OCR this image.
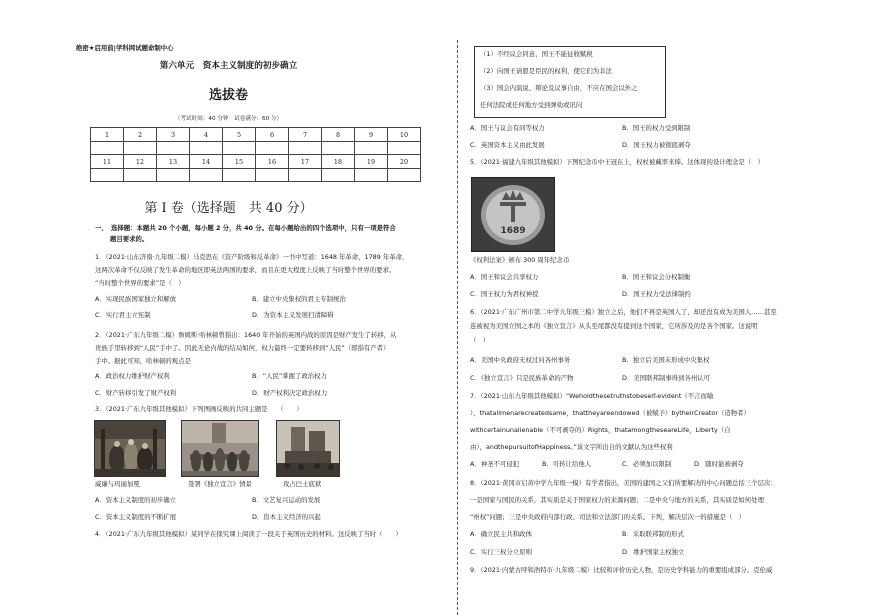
绝密★启用前|学科网试题命制中心
第六单元　资本主义制度的初步确立
选拔卷
（考试时间：40 分钟　试卷满分：60 分）
1	2	3	4	5	6	7	8	9	10

11	12	13	14	15	16	17	18	19	20

第 I 卷（选择题　共 40 分）
一、　选择题：本题共 20 个小题，每小题 2 分，共 40 分。在每小题给出的四个选项中，只有一项是符合
题目要求的。
1．（2021·山东济南·九年级二模）马克思在《资产阶级和反革命》一书中写道：1648 年革命，1789 年革命，
这两次革命不仅反映了发生革命的地区即英法两国的要求，而且在更大程度上反映了当时整个世界的要求。
“当时整个世界的要求”是（　）
A．实现民族国家独立和解放	B．建立中央集权的君主专制统治
C．实行君主立宪制	D．为资本主义发展扫清障碍
2．（2021·广东九年级二模）詹姆斯·哈林顿曾指出：1640 年开始的英国内战的原因是财产发生了转移，从
贵族手里转移到“人民”手中了。因此无论内战的结局如何，权力最终一定要转移到“人民”（即指有产者）
手中。据此可知，哈林顿的观点是
A．政治权力维护财产权利	B．“人民”掌握了政治权力
C．财产转移引发了财产权利	D．财产权利决定政治权力
3．（2021·广东九年级其他模拟）下列图画反映的共同主题是　　（　　）
威廉与玛丽加冕	签署《独立宣言》情景	攻占巴士底狱
A．资本主义制度的初步确立	B．文艺复兴运动的发展
C．资本主义制度的不断扩展	D．资本主义经济的兴起
4．（2021·广东九年级其他模拟）某同学在探究课上阅读了一段关于英国历史的材料。这反映了当时（　　）
（1）不经议会同意，国王不能征收赋税
（2）向国王请愿是臣民的权利，使它们为非法
（3）国会内演说、辩论及议事自由，不应在国会以外之
任何法院或任何地方受到弹劾或讯问
A．国王与议会有同等权力	B．国王的权力受到限制
C．英国资本主义由此发展	D．国王权力被彻底剥夺
5．（2021·福建九年级其他模拟）下图纪念币中王冠在上，权杖被藏率来捧。这体现的设计理念是（　）
1689
《权利法案》颁布 300 周年纪念币
A．国王和议会共享权力	B．国王和议会分权制衡
C．国王权力为君权神授	D．国王权力受法律制约
6．（2021·广东广州市第二中学九年级三模）独立之后，他们不再是英国人了，却还没有成为美国人……甚至
连被视为美国立国之本的《独立宣言》从头至尾都没有提到这个国家，它所涉及的是各个国家。这说明
（　）
A．美国中央政府无权过问各州事务	B．独立后美国未形成中央集权
C．《独立宣言》只是民族革命的产物	D．美国联邦制事得到各州认可
7．（2021·山东九年级其他模拟）“Weholdthesetruthstobeself-evident（不言而喻
），thatallmenarecreatedsame，thattheyareendowed（被赋予）bytheirCreator（造物者）
withcertainunalienable（不可剥夺的）Rights，thatamongtheseareLife，Liberty（自
由），andthepursuitofHappiness。”该文字所出自的文献认为这些权利
A．神圣不可侵犯	B．可转让给他人	C．必须加以限制	D．随时能被剥夺
8．（2021·黄冈市启黄中学九年级一模）有学者指出，美国的建国之父们所要解决的中心问题总括三个层次：
一是国家与国民的关系，其实质是关于国家权力的来源问题；二是中央与地方的关系，其实质是如何处理
“州权”问题；三是中央政府内部行政、司法和立法部门的关系。下列，解决层次一的措施是（　）
A．确立民主共和政体	B．采取联邦制的形式
C．实行三权分立原则	D．维护国家主权独立
9．（2021·内蒙古呼和浩特市·九年级二模）比较和评价历史人物，是历史学科能力的重要组成部分。克伦威
